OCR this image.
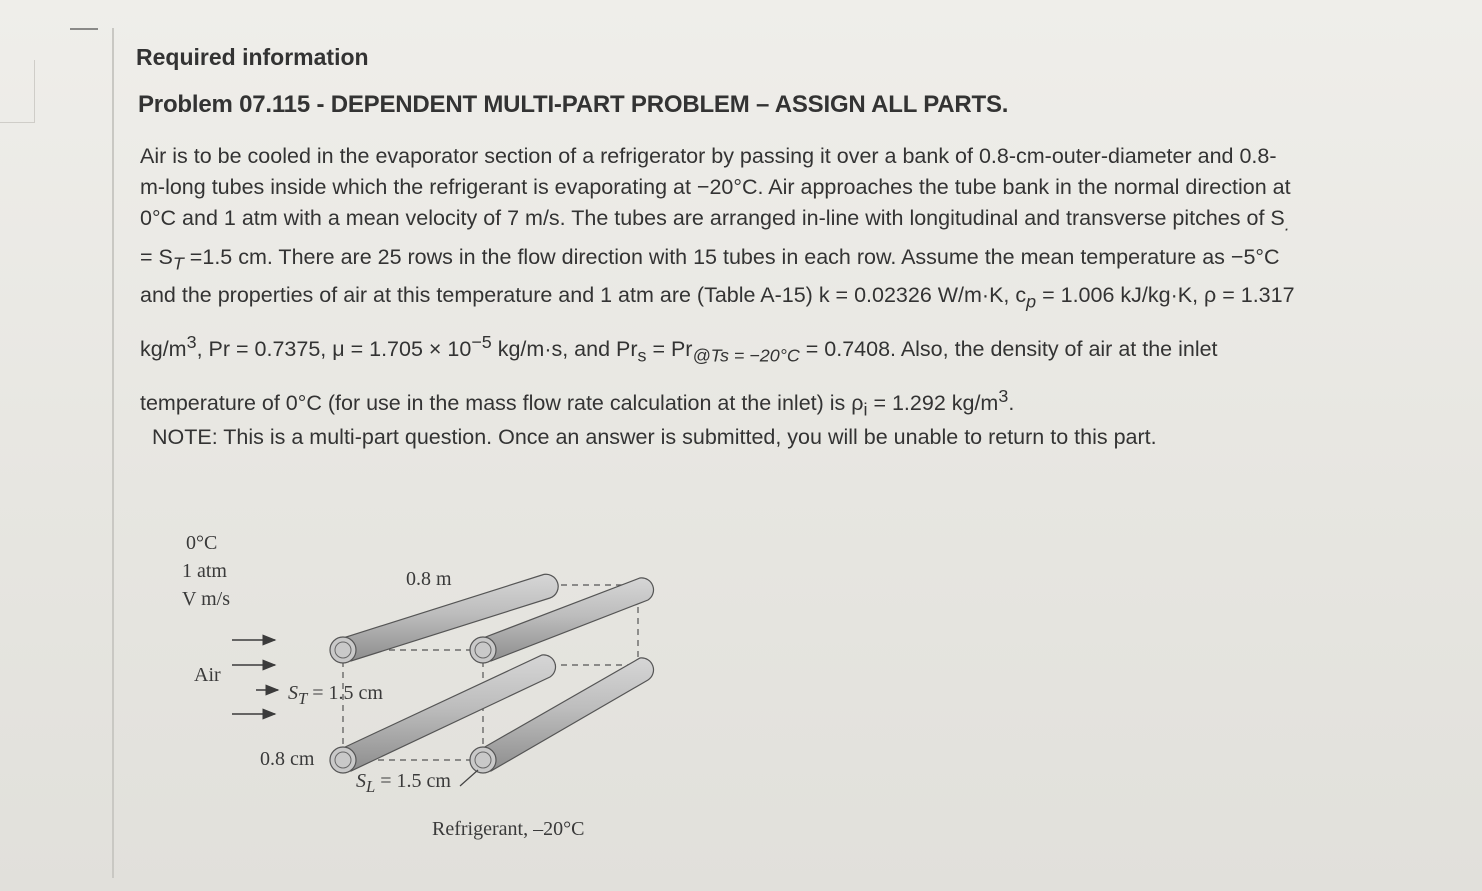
Required information
Problem 07.115 - DEPENDENT MULTI-PART PROBLEM – ASSIGN ALL PARTS.

Air is to be cooled in the evaporator section of a refrigerator by passing it over a bank of 0.8-cm-outer-diameter and 0.8-

m-long tubes inside which the refrigerant is evaporating at −20°C. Air approaches the tube bank in the normal direction at

0°C and 1 atm with a mean velocity of 7 m/s. The tubes are arranged in-line with longitudinal and transverse pitches of $S_.$

= $S_T =1.5$ cm. There are 25 rows in the flow direction with 15 tubes in each row. Assume the mean temperature as −5°C

and the properties of air at this temperature and 1 atm are (Table A-15) k = 0.02326 W/m·K, $c_p = 1.006$ kJ/kg·K, ρ = 1.317

$kg/m^3$, Pr = 0.7375, $\mu = 1.705 \times 10^{-5}$ kg/m·s, and $Pr_s = Pr_{@Ts = -20^\circ C} = 0.7408$. Also, the density of air at the inlet

temperature of 0°C (for use in the mass flow rate calculation at the inlet) is $\rho_i = 1.292$ $kg/m^3$.

NOTE: This is a multi-part question. Once an answer is submitted, you will be unable to return to this part.
0°C
1 atm
V m/s
Air
0.8 m
$S_T = 1.5$ cm
0.8 cm
$S_L = 1.5$ cm
Refrigerant, –20°C
